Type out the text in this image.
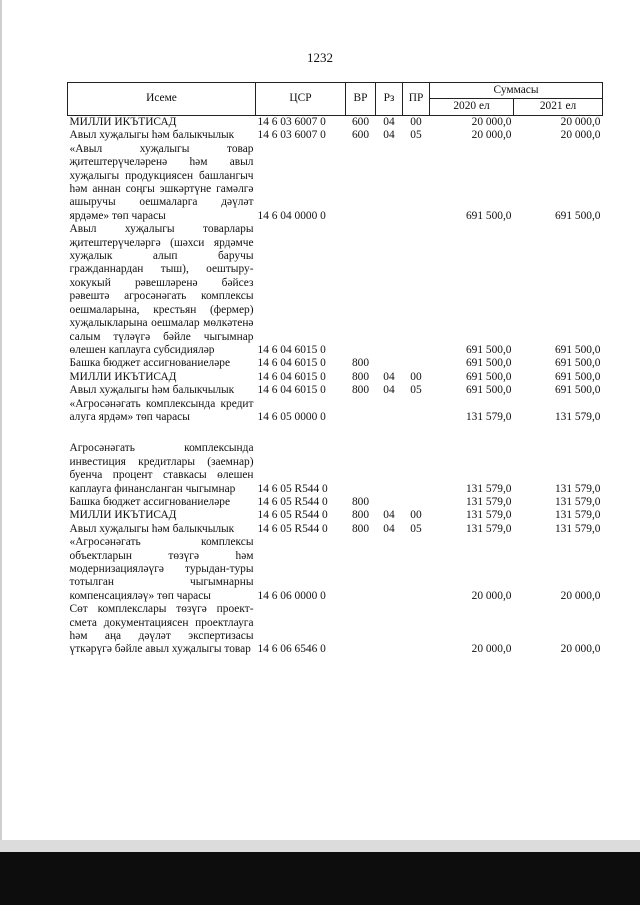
1232
Исеме	ЦСР	ВР	Рз	ПР	Суммасы	
					2020 ел	2021 ел
МИЛЛИ ИКЪТИСАД	14 6 03 6007 0	600	04	00	20 000,0	20 000,0
Авыл хуҗалыгы һәм балыкчылык	14 6 03 6007 0	600	04	05	20 000,0	20 000,0
«Авыл хуҗалыгы товар җитештерүчеләренә һәм авыл хуҗалыгы продукциясен башлангыч һәм аннан соңгы эшкәртүне гамәлгә ашыручы оешмаларга дәүләт ярдәме» төп чарасы	14 6 04 0000 0				691 500,0	691 500,0
Авыл хуҗалыгы товарлары җитештерүчеләргә (шәхси ярдәмчe хуҗалык алып баручы гражданнардан тыш), оештыру-хокукый рәвешләренә бәйсез рәвештә агросәнәгать комплексы оешмаларына, крестьян (фермер) хуҗалыкларына оешмалар мөлкәтенә салым түләүгә бәйле чыгымнар өлешен каплауга субсидияләр	14 6 04 6015 0				691 500,0	691 500,0
Башка бюджет ассигнованиеләре	14 6 04 6015 0	800			691 500,0	691 500,0
МИЛЛИ ИКЪТИСАД	14 6 04 6015 0	800	04	00	691 500,0	691 500,0
Авыл хуҗалыгы һәм балыкчылык	14 6 04 6015 0	800	04	05	691 500,0	691 500,0
«Агросәнәгать комплексында кредит алуга ярдәм» төп чарасы	14 6 05 0000 0				131 579,0	131 579,0

Агросәнәгать комплексында инвестиция кредитлары (заемнар) буенча процент ставкасы өлешен каплауга финансланган чыгымнар	14 6 05 R544 0				131 579,0	131 579,0
Башка бюджет ассигнованиеләре	14 6 05 R544 0	800			131 579,0	131 579,0
МИЛЛИ ИКЪТИСАД	14 6 05 R544 0	800	04	00	131 579,0	131 579,0
Авыл хуҗалыгы һәм балыкчылык	14 6 05 R544 0	800	04	05	131 579,0	131 579,0
«Агросәнәгать комплексы объектларын төзүгә һәм модернизацияләүгә турыдан-туры тотылган чыгымнарны компенсацияләү» төп чарасы	14 6 06 0000 0				20 000,0	20 000,0
Сөт комплекслары төзүгә проект-смета документациясен проектлауга һәм аңа дәүләт экспертизасы үткәрүгә бәйле авыл хуҗалыгы товар	14 6 06 6546 0				20 000,0	20 000,0
